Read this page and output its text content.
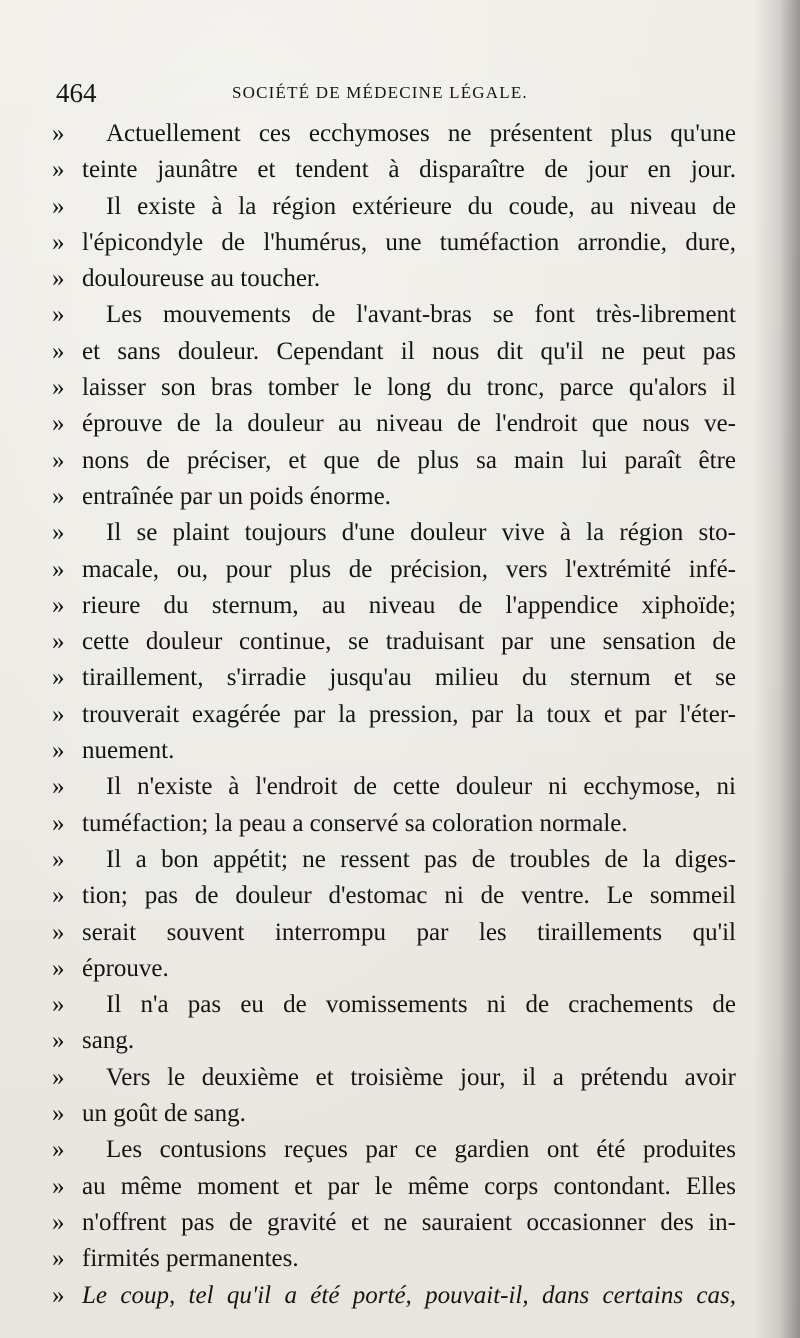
464	SOCIÉTÉ DE MÉDECINE LÉGALE.
» Actuellement ces ecchymoses ne présentent plus qu'une
» teinte jaunâtre et tendent à disparaître de jour en jour.
» Il existe à la région extérieure du coude, au niveau de
» l'épicondyle de l'humérus, une tuméfaction arrondie, dure,
» douloureuse au toucher.
» Les mouvements de l'avant-bras se font très-librement
» et sans douleur. Cependant il nous dit qu'il ne peut pas
» laisser son bras tomber le long du tronc, parce qu'alors il
» éprouve de la douleur au niveau de l'endroit que nous ve-
» nons de préciser, et que de plus sa main lui paraît être
» entraînée par un poids énorme.
» Il se plaint toujours d'une douleur vive à la région sto-
» macale, ou, pour plus de précision, vers l'extrémité infé-
» rieure du sternum, au niveau de l'appendice xiphoïde;
» cette douleur continue, se traduisant par une sensation de
» tiraillement, s'irradie jusqu'au milieu du sternum et se
» trouverait exagérée par la pression, par la toux et par l'éter-
» nuement.
» Il n'existe à l'endroit de cette douleur ni ecchymose, ni
» tuméfaction; la peau a conservé sa coloration normale.
» Il a bon appétit; ne ressent pas de troubles de la diges-
» tion; pas de douleur d'estomac ni de ventre. Le sommeil
» serait souvent interrompu par les tiraillements qu'il
» éprouve.
» Il n'a pas eu de vomissements ni de crachements de
» sang.
» Vers le deuxième et troisième jour, il a prétendu avoir
» un goût de sang.
» Les contusions reçues par ce gardien ont été produites
» au même moment et par le même corps contondant. Elles
» n'offrent pas de gravité et ne sauraient occasionner des in-
» firmités permanentes.
» Le coup, tel qu'il a été porté, pouvait-il, dans certains cas,
